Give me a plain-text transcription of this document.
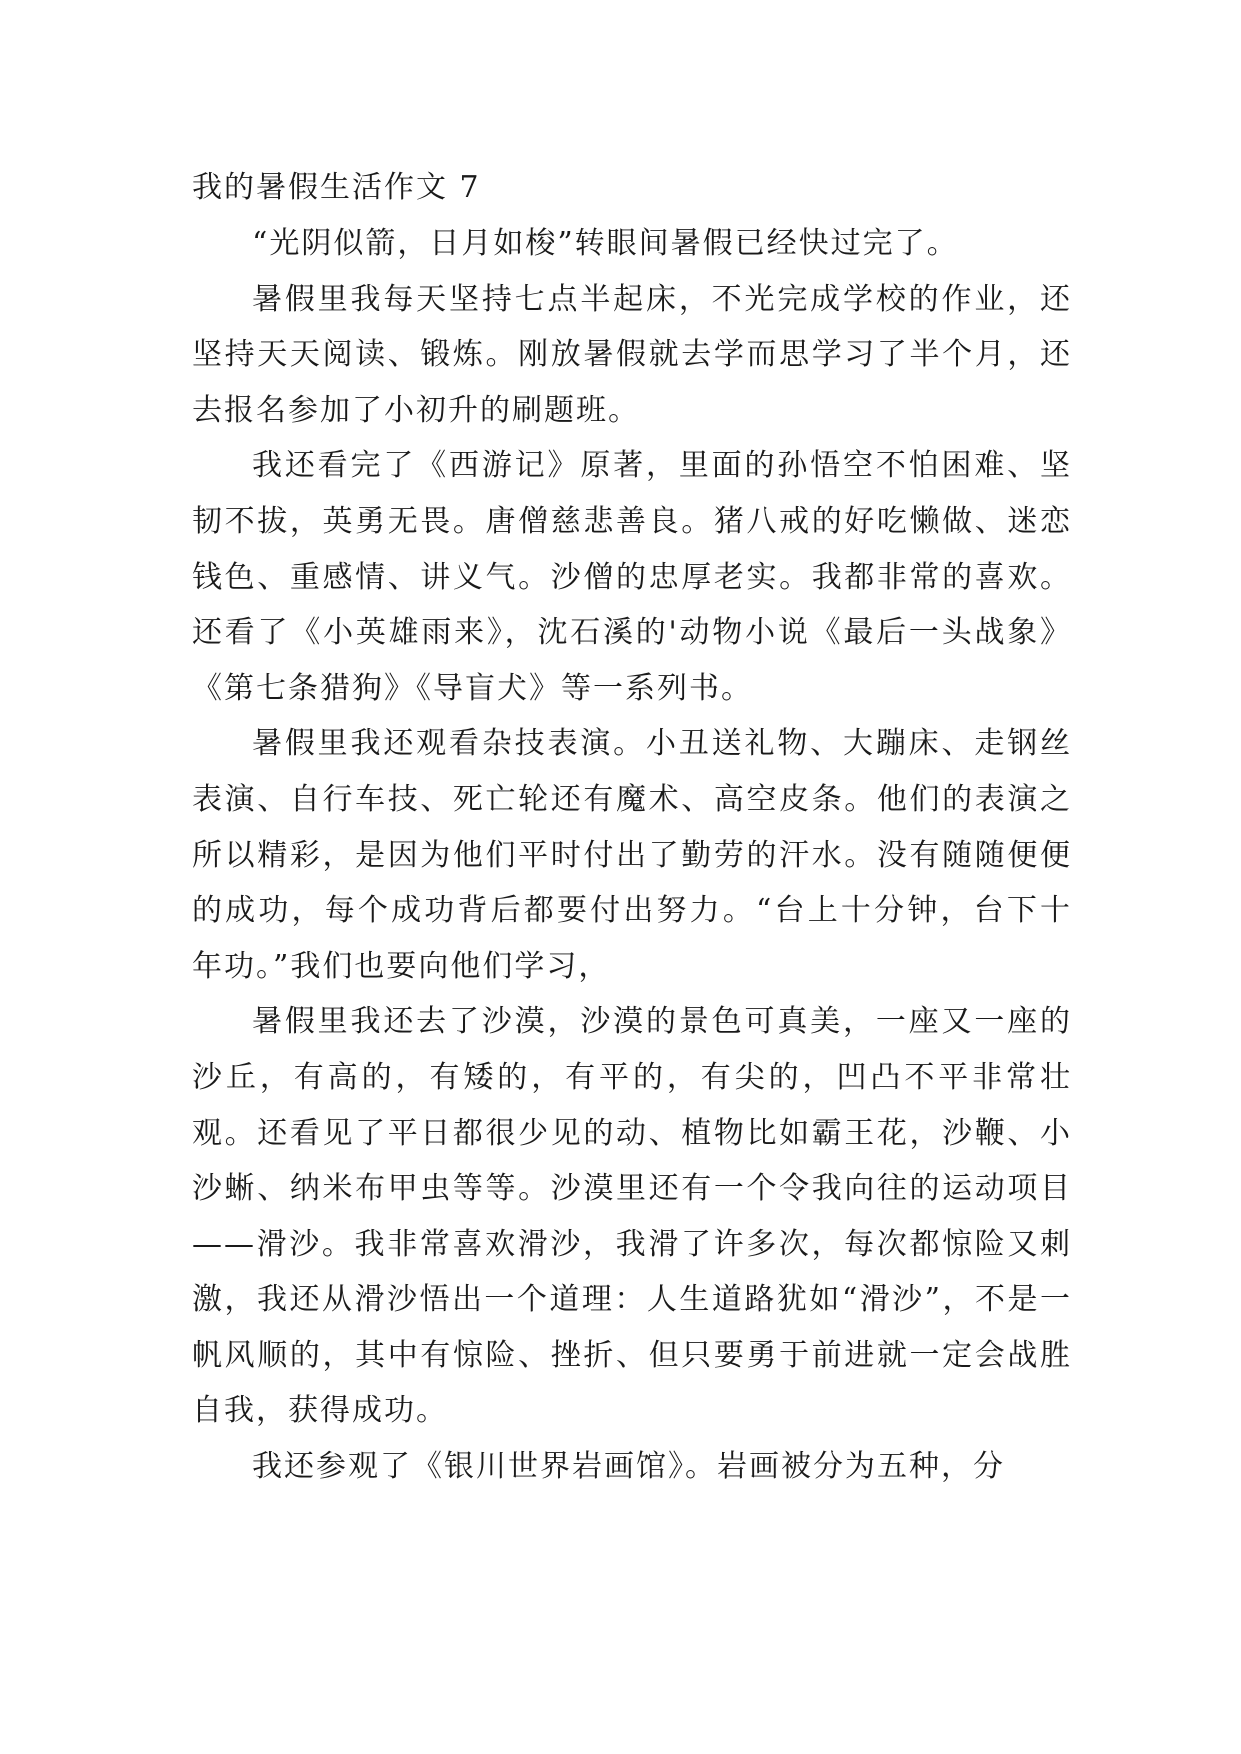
我的暑假生活作文 7

“光阴似箭，日月如梭”转眼间暑假已经快过完了。

暑假里我每天坚持七点半起床，不光完成学校的作业，还坚持天天阅读、锻炼。刚放暑假就去学而思学习了半个月，还去报名参加了小初升的刷题班。

我还看完了《西游记》原著，里面的孙悟空不怕困难、坚韧不拔，英勇无畏。唐僧慈悲善良。猪八戒的好吃懒做、迷恋钱色、重感情、讲义气。沙僧的忠厚老实。我都非常的喜欢。还看了《小英雄雨来》，沈石溪的'动物小说《最后一头战象》《第七条猎狗》《导盲犬》等一系列书。

暑假里我还观看杂技表演。小丑送礼物、大蹦床、走钢丝表演、自行车技、死亡轮还有魔术、高空皮条。他们的表演之所以精彩，是因为他们平时付出了勤劳的汗水。没有随随便便的成功，每个成功背后都要付出努力。“台上十分钟，台下十年功。”我们也要向他们学习，

暑假里我还去了沙漠，沙漠的景色可真美，一座又一座的沙丘，有高的，有矮的，有平的，有尖的，凹凸不平非常壮观。还看见了平日都很少见的动、植物比如霸王花，沙鞭、小沙蜥、纳米布甲虫等等。沙漠里还有一个令我向往的运动项目——滑沙。我非常喜欢滑沙，我滑了许多次，每次都惊险又刺激，我还从滑沙悟出一个道理：人生道路犹如“滑沙”，不是一帆风顺的，其中有惊险、挫折、但只要勇于前进就一定会战胜自我，获得成功。

我还参观了《银川世界岩画馆》。岩画被分为五种，分
